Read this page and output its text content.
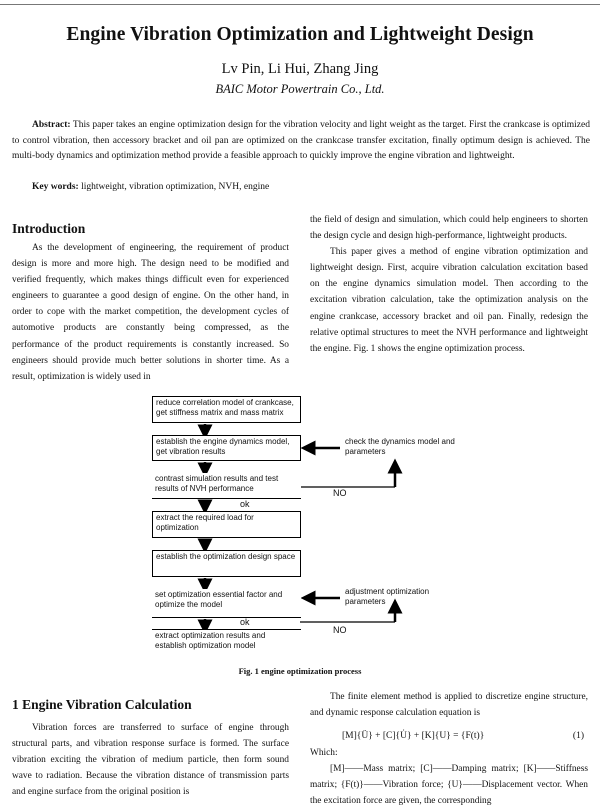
Engine Vibration Optimization and Lightweight Design
Lv Pin, Li Hui, Zhang Jing
BAIC Motor Powertrain Co., Ltd.
Abstract: This paper takes an engine optimization design for the vibration velocity and light weight as the target. First the crankcase is optimized to control vibration, then accessory bracket and oil pan are optimized on the crankcase transfer excitation, finally optimum design is achieved. The multi-body dynamics and optimization method provide a feasible approach to quickly improve the engine vibration and lightweight.
Key words: lightweight, vibration optimization, NVH, engine
Introduction

As the development of engineering, the requirement of product design is more and more high. The design need to be modified and verified frequently, which makes things difficult even for experienced engineers to guarantee a good design of engine. On the other hand, in order to cope with the market competition, the development cycles of automotive products are constantly being compressed, as the performance of the product requirements is constantly increased. So engineers should provide much better solutions in shorter time. As a result, optimization is widely used in

the field of design and simulation, which could help engineers to shorten the design cycle and design high-performance, lightweight products.

This paper gives a method of engine vibration optimization and lightweight design. First, acquire vibration calculation excitation based on the engine dynamics simulation model. Then according to the excitation vibration calculation, take the optimization analysis on the engine crankcase, accessory bracket and oil pan. Finally, redesign the relative optimal structures to meet the NVH performance and lightweight the engine. Fig. 1 shows the engine optimization process.

reduce correlation model of crankcase, get stiffness matrix and mass matrix
establish the engine dynamics model, get vibration results
contrast simulation results and test results of NVH performance
extract the required load for optimization
establish the optimization design space
set optimization essential factor and optimize the model
extract optimization results and establish optimization model
check the dynamics model and parameters
adjustment optimization parameters
ok
ok
NO
NO
Fig. 1 engine optimization process
1 Engine Vibration Calculation

Vibration forces are transferred to surface of engine through structural parts, and vibration response surface is formed. The surface vibration exciting the vibration of medium particle, then form sound wave to radiation. Because the vibration distance of transmission parts and engine surface from the original position is

The finite element method is applied to discretize engine structure, and dynamic response calculation equation is

[M]{Ü} + [C]{U̇} + [K]{U} = {F(t)}	(1)

Which:

[M]——Mass matrix; [C]——Damping matrix; [K]——Stiffness matrix; {F(t)}——Vibration force; {U}——Displacement vector. When the excitation force are given, the corresponding
